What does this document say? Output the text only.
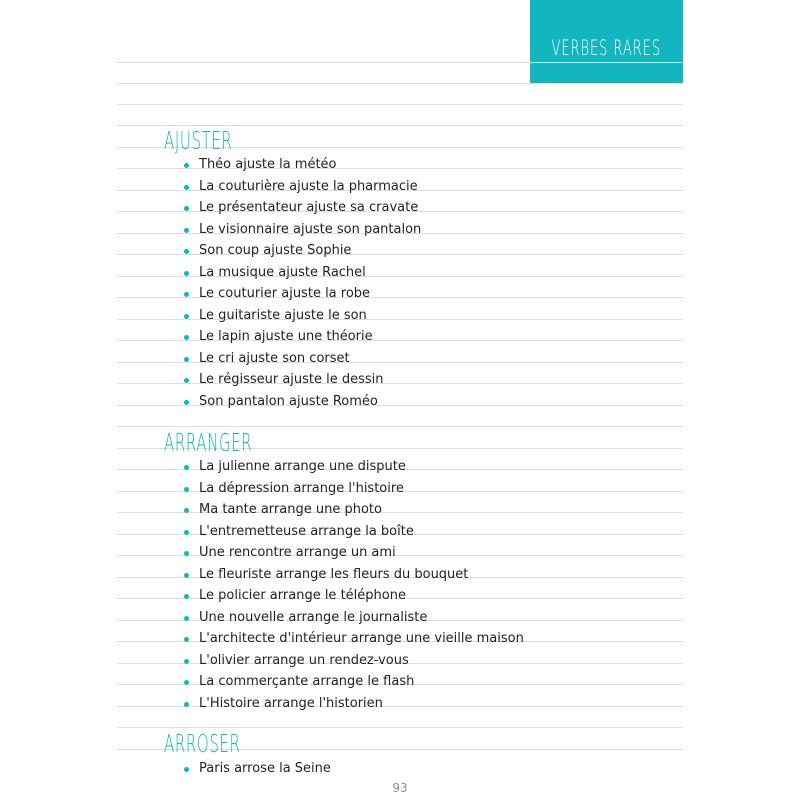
VERBES RARES
AJUSTER
Théo ajuste la météo
La couturière ajuste la pharmacie
Le présentateur ajuste sa cravate
Le visionnaire ajuste son pantalon
Son coup ajuste Sophie
La musique ajuste Rachel
Le couturier ajuste la robe
Le guitariste ajuste le son
Le lapin ajuste une théorie
Le cri ajuste son corset
Le régisseur ajuste le dessin
Son pantalon ajuste Roméo
ARRANGER
La julienne arrange une dispute
La dépression arrange l'histoire
Ma tante arrange une photo
L'entremetteuse arrange la boîte
Une rencontre arrange un ami
Le fleuriste arrange les fleurs du bouquet
Le policier arrange le téléphone
Une nouvelle arrange le journaliste
L'architecte d'intérieur arrange une vieille maison
L'olivier arrange un rendez-vous
La commerçante arrange le flash
L'Histoire arrange l'historien
ARROSER
Paris arrose la Seine
93
